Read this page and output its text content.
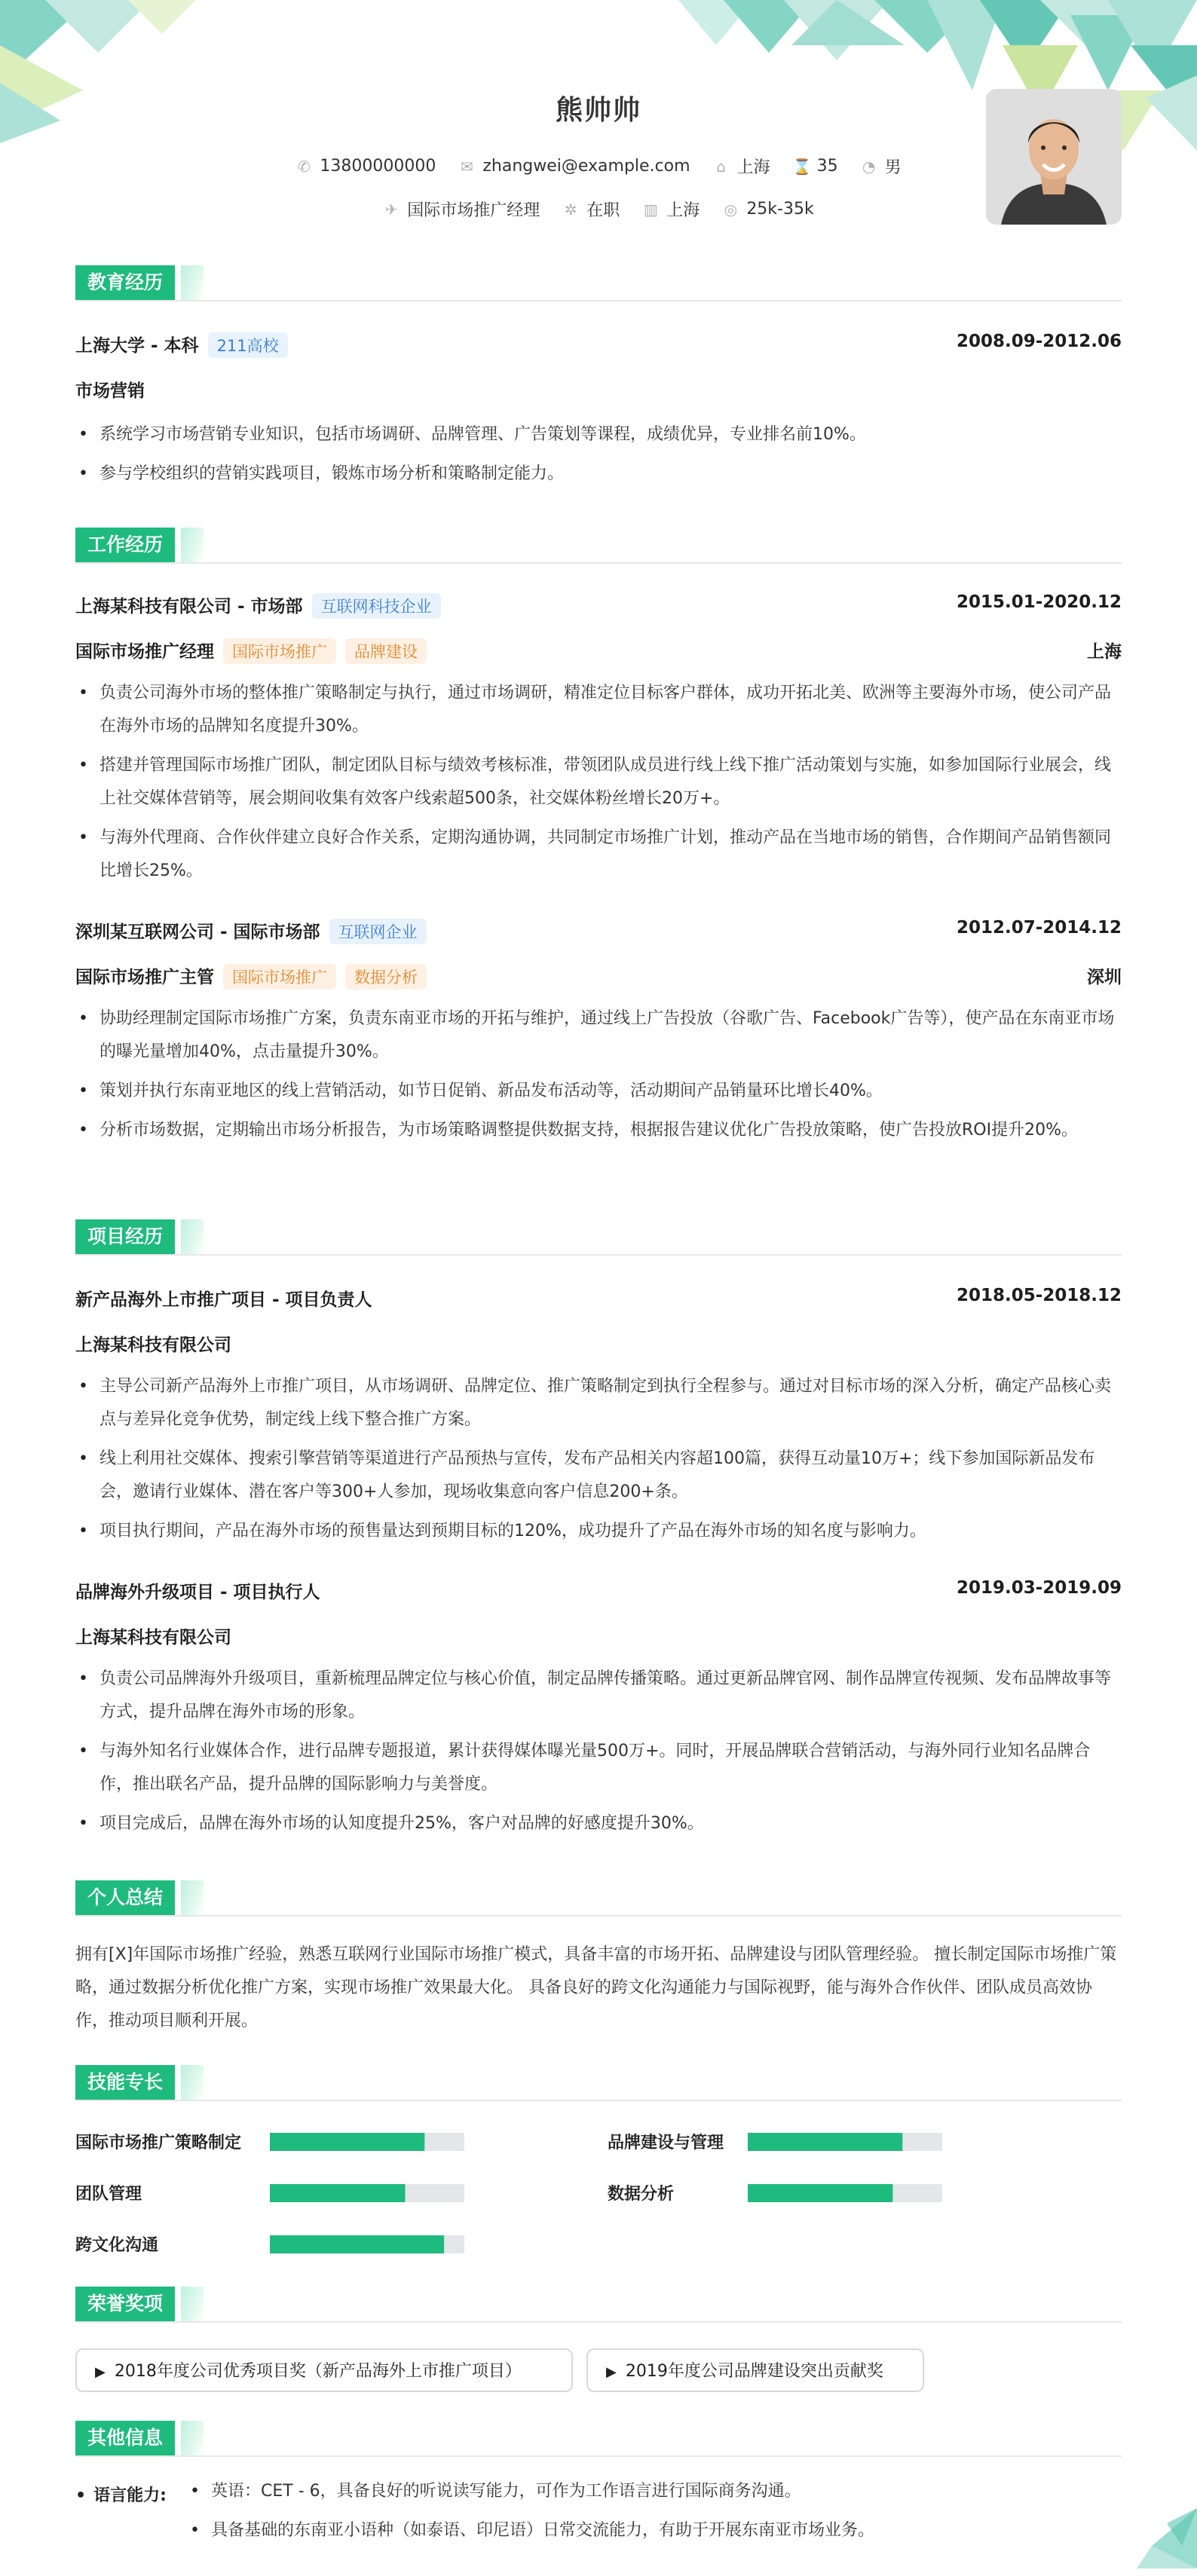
熊帅帅
✆ 13800000000 ✉ zhangwei@example.com ⌂ 上海 ⌛ 35 ◔ 男
✈ 国际市场推广经理 ✲ 在职 ▥ 上海 ◎ 25k-35k
教育经历
上海大学 - 本科 211高校	2008.09-2012.06
市场营销
• 系统学习市场营销专业知识，包括市场调研、品牌管理、广告策划等课程，成绩优异，专业排名前10%。
• 参与学校组织的营销实践项目，锻炼市场分析和策略制定能力。
工作经历
上海某科技有限公司 - 市场部 互联网科技企业	2015.01-2020.12
国际市场推广经理 国际市场推广 品牌建设	上海
• 负责公司海外市场的整体推广策略制定与执行，通过市场调研，精准定位目标客户群体，成功开拓北美、欧洲等主要海外市场，使公司产品在海外市场的品牌知名度提升30%。
• 搭建并管理国际市场推广团队，制定团队目标与绩效考核标准，带领团队成员进行线上线下推广活动策划与实施，如参加国际行业展会，线上社交媒体营销等，展会期间收集有效客户线索超500条，社交媒体粉丝增长20万+。
• 与海外代理商、合作伙伴建立良好合作关系，定期沟通协调，共同制定市场推广计划，推动产品在当地市场的销售，合作期间产品销售额同比增长25%。
深圳某互联网公司 - 国际市场部 互联网企业	2012.07-2014.12
国际市场推广主管 国际市场推广 数据分析	深圳
• 协助经理制定国际市场推广方案，负责东南亚市场的开拓与维护，通过线上广告投放（谷歌广告、Facebook广告等），使产品在东南亚市场的曝光量增加40%，点击量提升30%。
• 策划并执行东南亚地区的线上营销活动，如节日促销、新品发布活动等，活动期间产品销量环比增长40%。
• 分析市场数据，定期输出市场分析报告，为市场策略调整提供数据支持，根据报告建议优化广告投放策略，使广告投放ROI提升20%。
项目经历
新产品海外上市推广项目 - 项目负责人	2018.05-2018.12
上海某科技有限公司
• 主导公司新产品海外上市推广项目，从市场调研、品牌定位、推广策略制定到执行全程参与。通过对目标市场的深入分析，确定产品核心卖点与差异化竞争优势，制定线上线下整合推广方案。
• 线上利用社交媒体、搜索引擎营销等渠道进行产品预热与宣传，发布产品相关内容超100篇，获得互动量10万+；线下参加国际新品发布会，邀请行业媒体、潜在客户等300+人参加，现场收集意向客户信息200+条。
• 项目执行期间，产品在海外市场的预售量达到预期目标的120%，成功提升了产品在海外市场的知名度与影响力。
品牌海外升级项目 - 项目执行人	2019.03-2019.09
上海某科技有限公司
• 负责公司品牌海外升级项目，重新梳理品牌定位与核心价值，制定品牌传播策略。通过更新品牌官网、制作品牌宣传视频、发布品牌故事等方式，提升品牌在海外市场的形象。
• 与海外知名行业媒体合作，进行品牌专题报道，累计获得媒体曝光量500万+。同时，开展品牌联合营销活动，与海外同行业知名品牌合作，推出联名产品，提升品牌的国际影响力与美誉度。
• 项目完成后，品牌在海外市场的认知度提升25%，客户对品牌的好感度提升30%。
个人总结
拥有[X]年国际市场推广经验，熟悉互联网行业国际市场推广模式，具备丰富的市场开拓、品牌建设与团队管理经验。 擅长制定国际市场推广策略，通过数据分析优化推广方案，实现市场推广效果最大化。 具备良好的跨文化沟通能力与国际视野，能与海外合作伙伴、团队成员高效协作，推动项目顺利开展。
技能专长
国际市场推广策略制定	品牌建设与管理
团队管理	数据分析
跨文化沟通
荣誉奖项
▶ 2018年度公司优秀项目奖（新产品海外上市推广项目）	▶ 2019年度公司品牌建设突出贡献奖
其他信息
• 语言能力:
•	英语：CET - 6，具备良好的听说读写能力，可作为工作语言进行国际商务沟通。
• 具备基础的东南亚小语种（如泰语、印尼语）日常交流能力，有助于开展东南亚市场业务。
